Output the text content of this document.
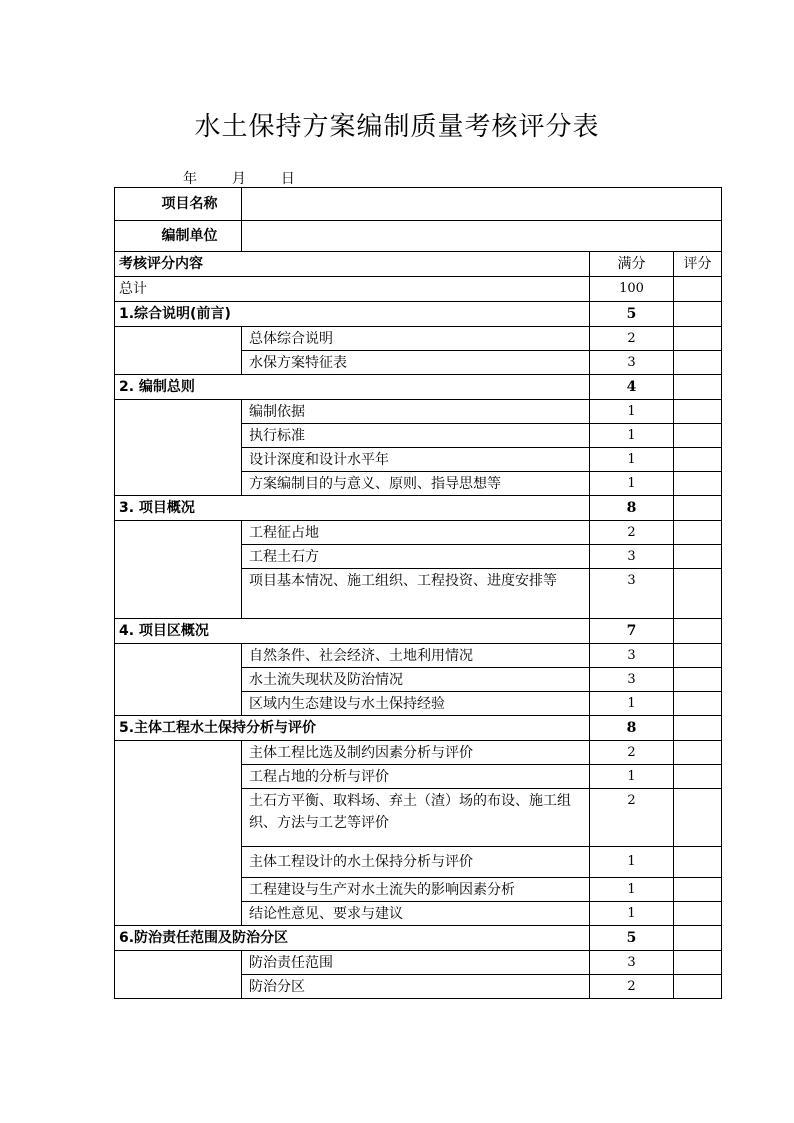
水土保持方案编制质量考核评分表
年 月 日
项目名称			
编制单位			
考核评分内容		满分	评分
总计		100	
1.综合说明(前言)		5	
	总体综合说明	2	
	水保方案特征表	3	
2. 编制总则		4	
	编制依据	1	
	执行标准	1	
	设计深度和设计水平年	1	
	方案编制目的与意义、原则、指导思想等	1	
3. 项目概况		8	
	工程征占地	2	
	工程土石方	3	
	项目基本情况、施工组织、工程投资、进度安排等	3	
4. 项目区概况		7	
	自然条件、社会经济、土地利用情况	3	
	水土流失现状及防治情况	3	
	区域内生态建设与水土保持经验	1	
5.主体工程水土保持分析与评价		8	
	主体工程比选及制约因素分析与评价	2	
	工程占地的分析与评价	1	
	土石方平衡、取料场、弃土（渣）场的布设、施工组织、方法与工艺等评价	2	
	主体工程设计的水土保持分析与评价	1	
	工程建设与生产对水土流失的影响因素分析	1	
	结论性意见、要求与建议	1	
6.防治责任范围及防治分区		5	
	防治责任范围	3	
	防治分区	2	
